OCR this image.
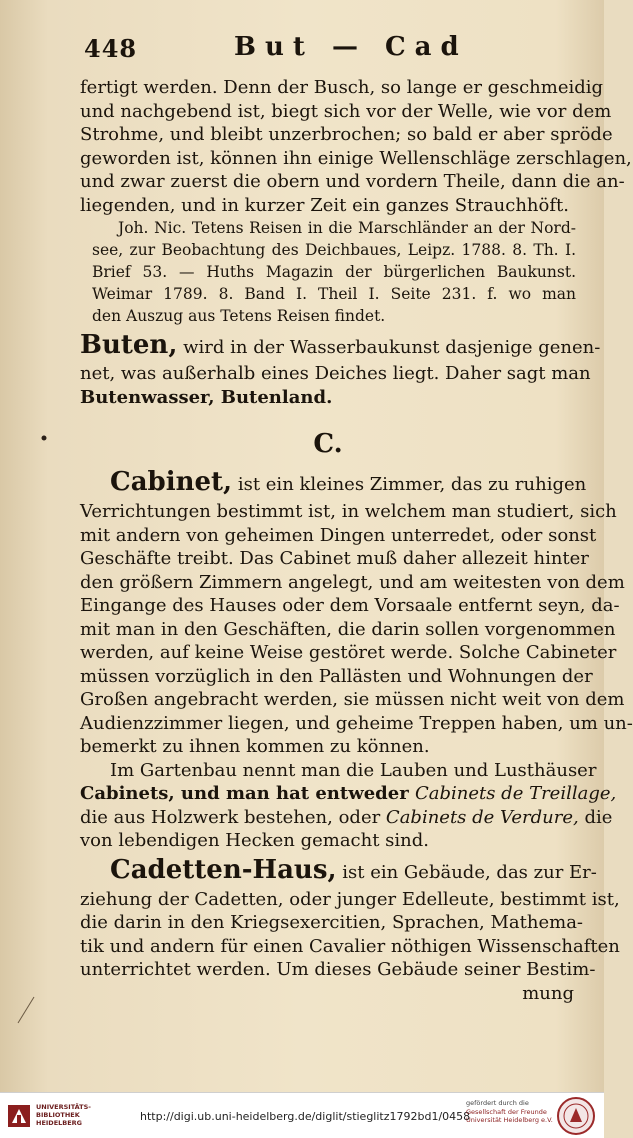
448	But — Cad
fertigt werden. Denn der Busch, so lange er geschmeidig
und nachgebend ist, biegt sich vor der Welle, wie vor dem
Strohme, und bleibt unzerbrochen; so bald er aber spröde
geworden ist, können ihn einige Wellenschläge zerschlagen,
und zwar zuerst die obern und vordern Theile, dann die an-
liegenden, und in kurzer Zeit ein ganzes Strauchhöft.
Joh. Nic. Tetens Reisen in die Marschländer an der Nord-
see, zur Beobachtung des Deichbaues, Leipz. 1788. 8. Th. I.
Brief 53. — Huths Magazin der bürgerlichen Baukunst.
Weimar 1789. 8. Band I. Theil I. Seite 231. f. wo man
den Auszug aus Tetens Reisen findet.
Buten, wird in der Wasserbaukunst dasjenige genen-
net, was außerhalb eines Deiches liegt. Daher sagt man
Butenwasser, Butenland.
C.
Cabinet, ist ein kleines Zimmer, das zu ruhigen
Verrichtungen bestimmt ist, in welchem man studiert, sich
mit andern von geheimen Dingen unterredet, oder sonst
Geschäfte treibt. Das Cabinet muß daher allezeit hinter
den größern Zimmern angelegt, und am weitesten von dem
Eingange des Hauses oder dem Vorsaale entfernt seyn, da-
mit man in den Geschäften, die darin sollen vorgenommen
werden, auf keine Weise gestöret werde. Solche Cabineter
müssen vorzüglich in den Pallästen und Wohnungen der
Großen angebracht werden, sie müssen nicht weit von dem
Audienzzimmer liegen, und geheime Treppen haben, um un-
bemerkt zu ihnen kommen zu können.
Im Gartenbau nennt man die Lauben und Lusthäuser
Cabinets, und man hat entweder Cabinets de Treillage,
die aus Holzwerk bestehen, oder Cabinets de Verdure, die
von lebendigen Hecken gemacht sind.
Cadetten-Haus, ist ein Gebäude, das zur Er-
ziehung der Cadetten, oder junger Edelleute, bestimmt ist,
die darin in den Kriegsexercitien, Sprachen, Mathema-
tik und andern für einen Cavalier nöthigen Wissenschaften
unterrichtet werden. Um dieses Gebäude seiner Bestim-
mung
UNIVERSITÄTS-
BIBLIOTHEK
HEIDELBERG	http://digi.ub.uni-heidelberg.de/diglit/stieglitz1792bd1/0458
gefördert durch die
Gesellschaft der Freunde
Universität Heidelberg e.V.
